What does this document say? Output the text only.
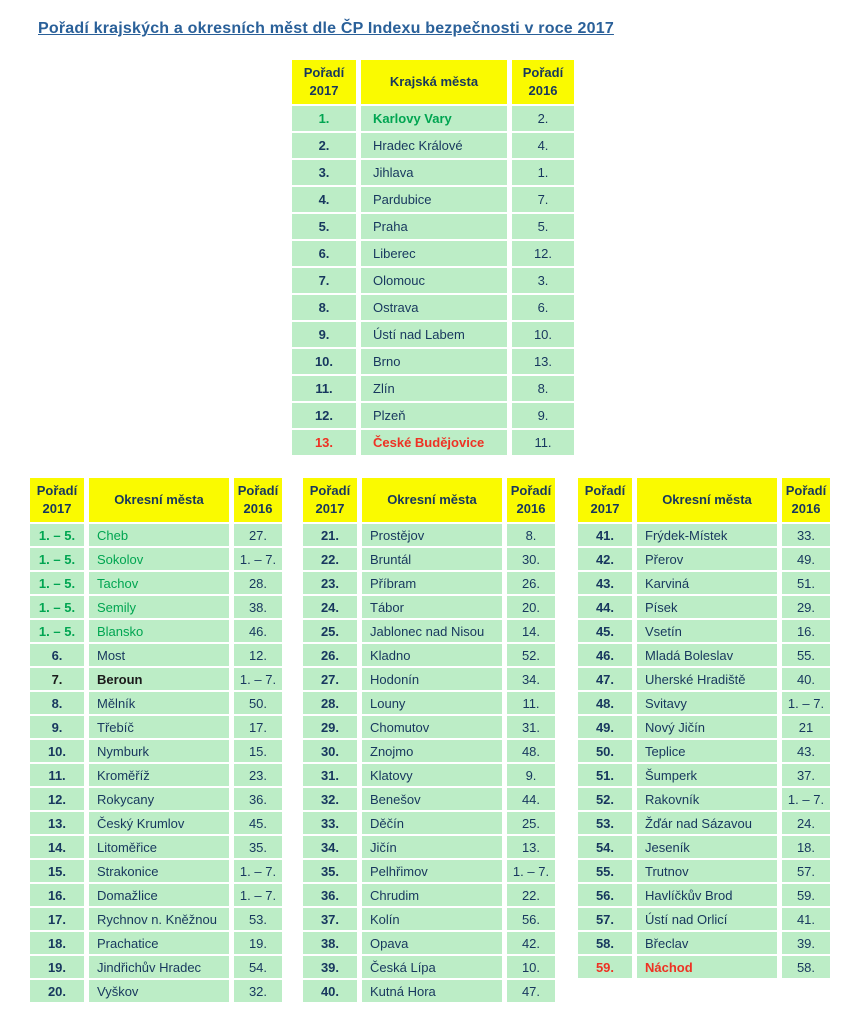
Pořadí krajských a okresních měst dle ČP Indexu bezpečnosti v roce 2017
Pořadí 2017	Krajská města	Pořadí 2016
1.	Karlovy Vary	2.
2.	Hradec Králové	4.
3.	Jihlava	1.
4.	Pardubice	7.
5.	Praha	5.
6.	Liberec	12.
7.	Olomouc	3.
8.	Ostrava	6.
9.	Ústí nad Labem	10.
10.	Brno	13.
11.	Zlín	8.
12.	Plzeň	9.
13.	České Budějovice	11.
Pořadí 2017	Okresní města	Pořadí 2016
1. – 5.	Cheb	27.
1. – 5.	Sokolov	1. – 7.
1. – 5.	Tachov	28.
1. – 5.	Semily	38.
1. – 5.	Blansko	46.
6.	Most	12.
7.	Beroun	1. – 7.
8.	Mělník	50.
9.	Třebíč	17.
10.	Nymburk	15.
11.	Kroměříž	23.
12.	Rokycany	36.
13.	Český Krumlov	45.
14.	Litoměřice	35.
15.	Strakonice	1. – 7.
16.	Domažlice	1. – 7.
17.	Rychnov n. Kněžnou	53.
18.	Prachatice	19.
19.	Jindřichův Hradec	54.
20.	Vyškov	32.
Pořadí 2017	Okresní města	Pořadí 2016
21.	Prostějov	8.
22.	Bruntál	30.
23.	Příbram	26.
24.	Tábor	20.
25.	Jablonec nad Nisou	14.
26.	Kladno	52.
27.	Hodonín	34.
28.	Louny	11.
29.	Chomutov	31.
30.	Znojmo	48.
31.	Klatovy	9.
32.	Benešov	44.
33.	Děčín	25.
34.	Jičín	13.
35.	Pelhřimov	1. – 7.
36.	Chrudim	22.
37.	Kolín	56.
38.	Opava	42.
39.	Česká Lípa	10.
40.	Kutná Hora	47.
Pořadí 2017	Okresní města	Pořadí 2016
41.	Frýdek-Místek	33.
42.	Přerov	49.
43.	Karviná	51.
44.	Písek	29.
45.	Vsetín	16.
46.	Mladá Boleslav	55.
47.	Uherské Hradiště	40.
48.	Svitavy	1. – 7.
49.	Nový Jičín	21
50.	Teplice	43.
51.	Šumperk	37.
52.	Rakovník	1. – 7.
53.	Žďár nad Sázavou	24.
54.	Jeseník	18.
55.	Trutnov	57.
56.	Havlíčkův Brod	59.
57.	Ústí nad Orlicí	41.
58.	Břeclav	39.
59.	Náchod	58.
